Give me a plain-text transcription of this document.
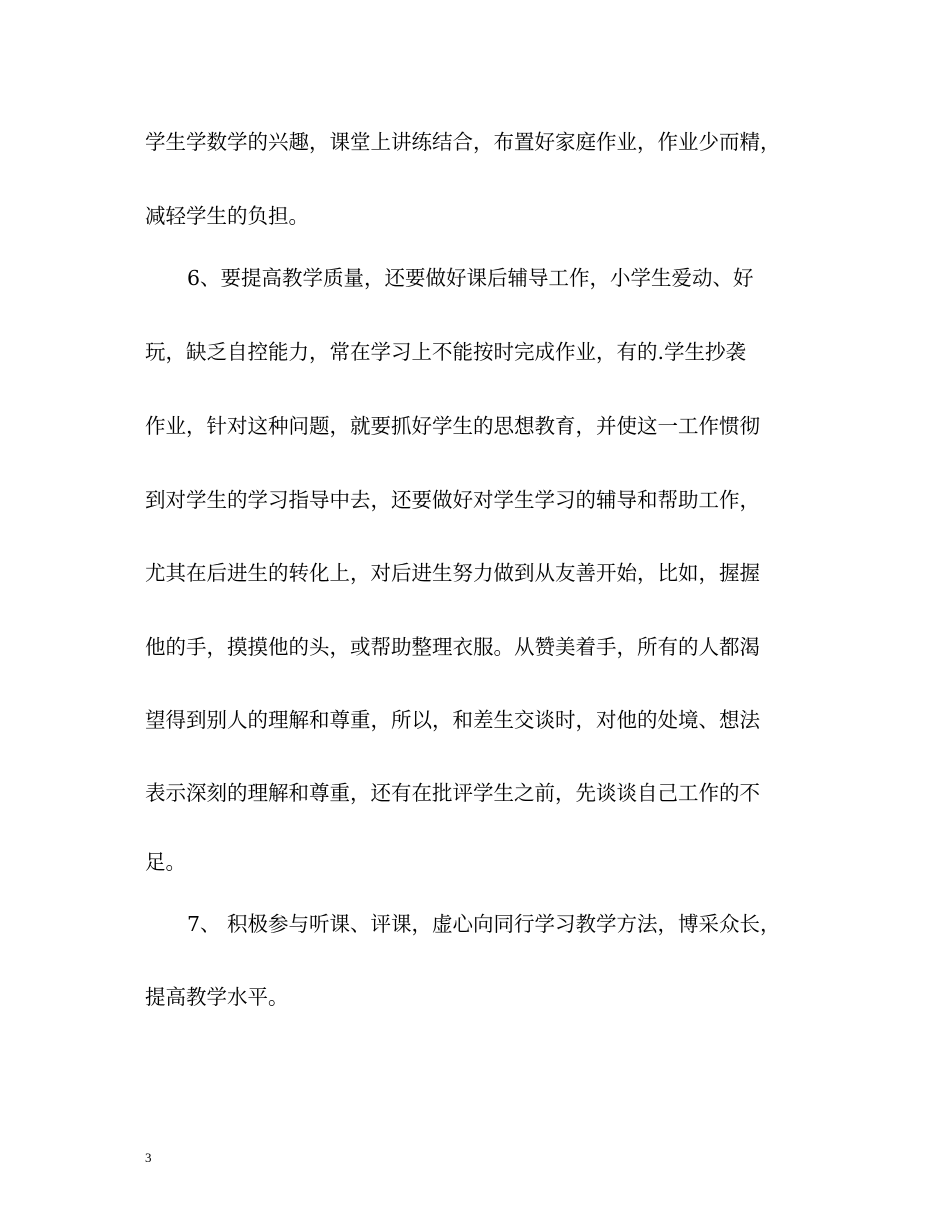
学生学数学的兴趣，课堂上讲练结合，布置好家庭作业，作业少而精，
减轻学生的负担。
6、要提高教学质量，还要做好课后辅导工作，小学生爱动、好
玩，缺乏自控能力，常在学习上不能按时完成作业，有的.学生抄袭
作业，针对这种问题，就要抓好学生的思想教育，并使这一工作惯彻
到对学生的学习指导中去，还要做好对学生学习的辅导和帮助工作，
尤其在后进生的转化上，对后进生努力做到从友善开始，比如，握握
他的手，摸摸他的头，或帮助整理衣服。从赞美着手，所有的人都渴
望得到别人的理解和尊重，所以，和差生交谈时，对他的处境、想法
表示深刻的理解和尊重，还有在批评学生之前，先谈谈自己工作的不
足。
7、 积极参与听课、评课，虚心向同行学习教学方法，博采众长，
提高教学水平。
3
